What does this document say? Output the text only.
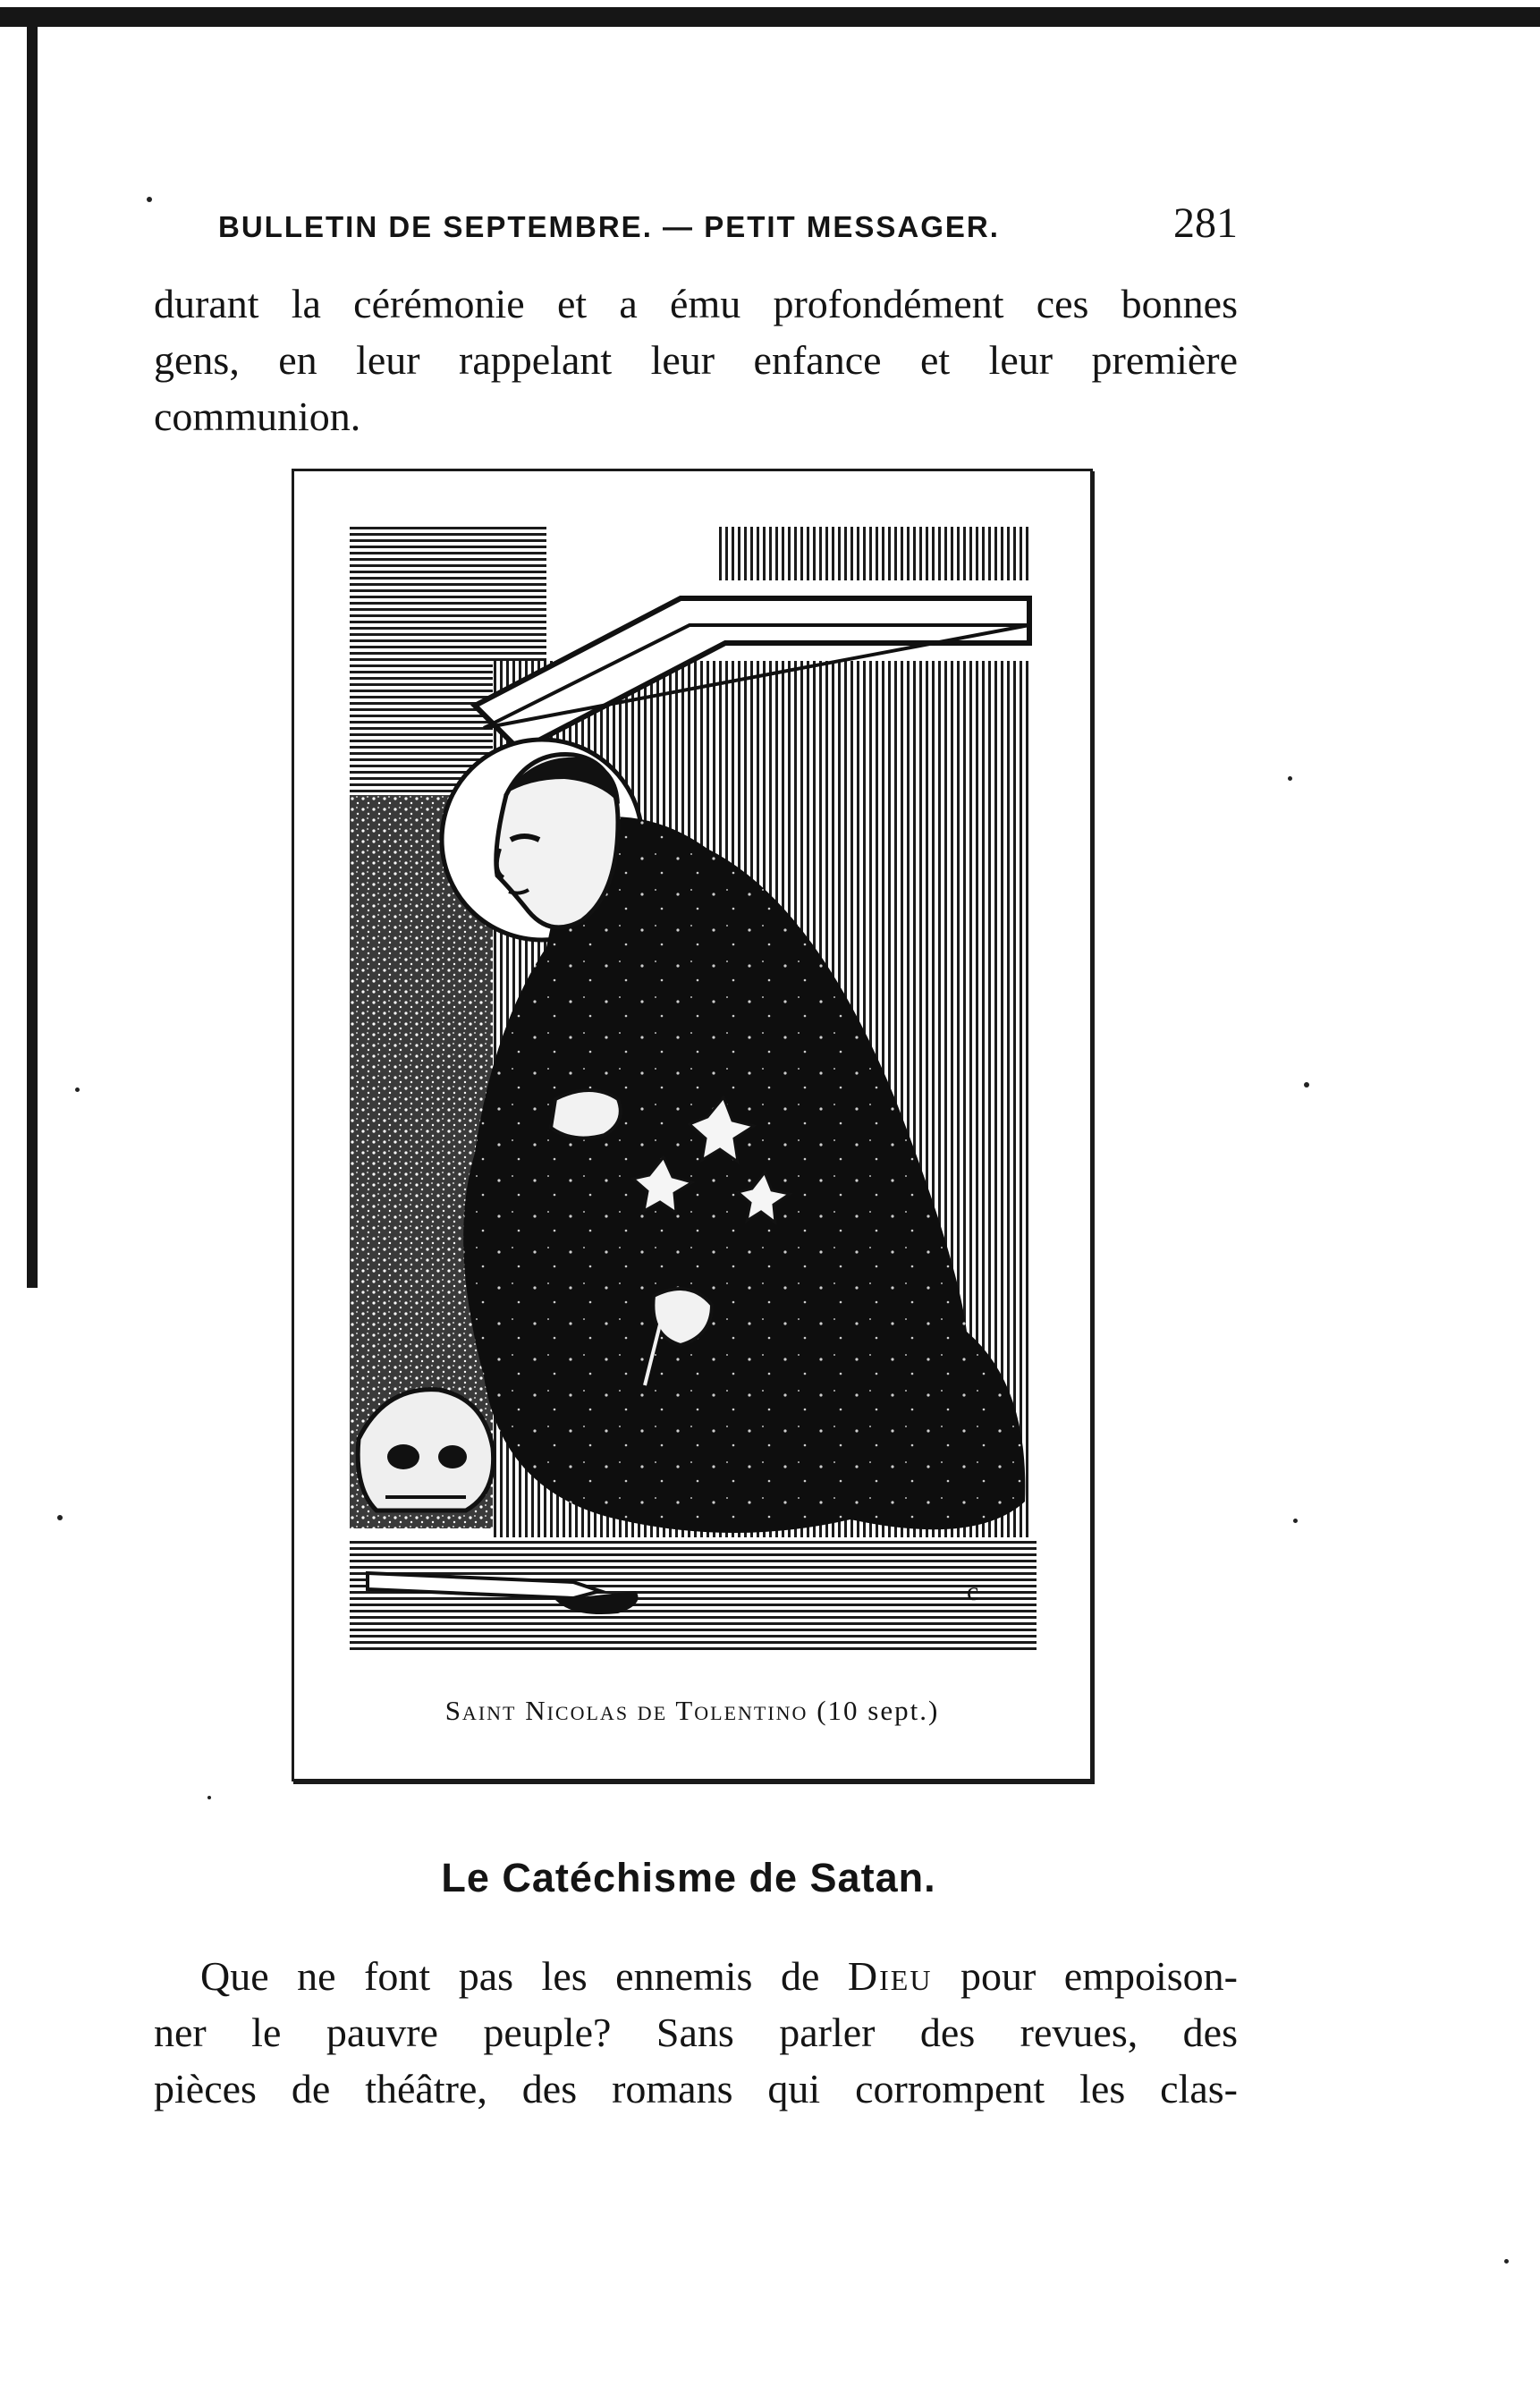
BULLETIN DE SEPTEMBRE. — PETIT MESSAGER.	281
durant la cérémonie et a ému profondément ces bonnes
gens, en leur rappelant leur enfance et leur première
communion.
c
Saint Nicolas de Tolentino (10 sept.)
Le Catéchisme de Satan.
Que ne font pas les ennemis de Dieu pour empoison-
ner le pauvre peuple? Sans parler des revues, des
pièces de théâtre, des romans qui corrompent les clas-
